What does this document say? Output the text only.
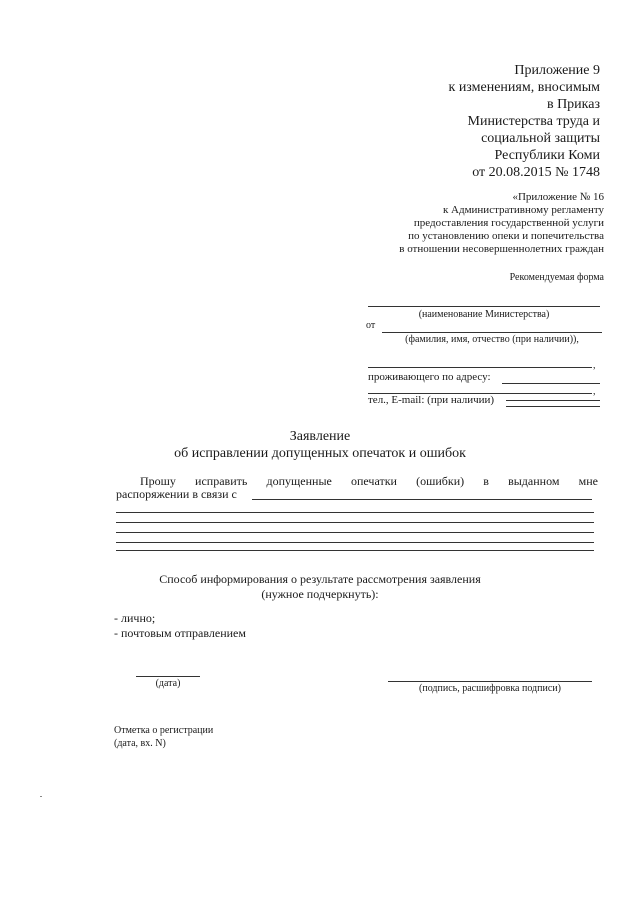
Приложение 9
к изменениям, вносимым
в Приказ
Министерства труда и
социальной защиты
Республики Коми
от 20.08.2015 № 1748
«Приложение № 16
к Административному регламенту
предоставления государственной услуги
по установлению опеки и попечительства
в отношении несовершеннолетних граждан
Рекомендуемая форма
(наименование Министерства)
от
(фамилия, имя, отчество (при наличии)),
,
проживающего по адресу:
,
тел., E-mail: (при наличии)
Заявление
об исправлении допущенных опечаток и ошибок
Прошу исправить допущенные опечатки (ошибки) в выданном мне
распоряжении в связи с
Способ информирования о результате рассмотрения заявления
(нужное подчеркнуть):
- лично;
- почтовым отправлением
(дата)	(подпись, расшифровка подписи)
Отметка о регистрации
(дата, вх. N)
